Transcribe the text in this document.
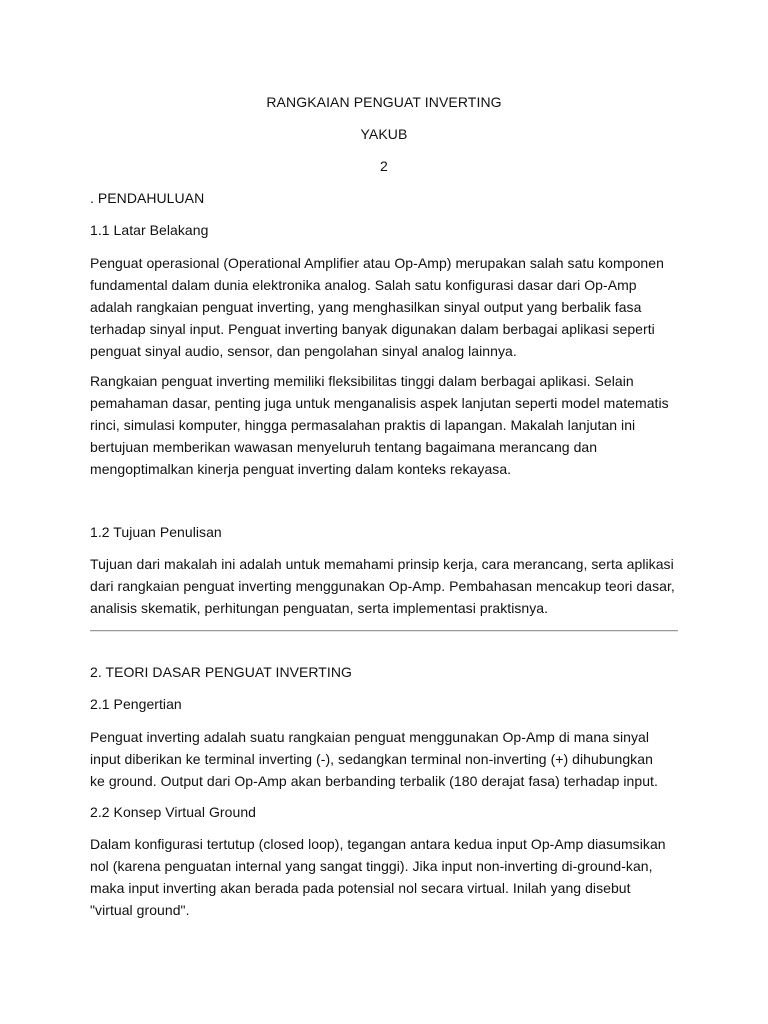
RANGKAIAN PENGUAT INVERTING
YAKUB
2
. PENDAHULUAN
1.1 Latar Belakang
Penguat operasional (Operational Amplifier atau Op-Amp) merupakan salah satu komponen
fundamental dalam dunia elektronika analog. Salah satu konfigurasi dasar dari Op-Amp
adalah rangkaian penguat inverting, yang menghasilkan sinyal output yang berbalik fasa
terhadap sinyal input. Penguat inverting banyak digunakan dalam berbagai aplikasi seperti
penguat sinyal audio, sensor, dan pengolahan sinyal analog lainnya.
Rangkaian penguat inverting memiliki fleksibilitas tinggi dalam berbagai aplikasi. Selain
pemahaman dasar, penting juga untuk menganalisis aspek lanjutan seperti model matematis
rinci, simulasi komputer, hingga permasalahan praktis di lapangan. Makalah lanjutan ini
bertujuan memberikan wawasan menyeluruh tentang bagaimana merancang dan
mengoptimalkan kinerja penguat inverting dalam konteks rekayasa.
1.2 Tujuan Penulisan
Tujuan dari makalah ini adalah untuk memahami prinsip kerja, cara merancang, serta aplikasi
dari rangkaian penguat inverting menggunakan Op-Amp. Pembahasan mencakup teori dasar,
analisis skematik, perhitungan penguatan, serta implementasi praktisnya.
2. TEORI DASAR PENGUAT INVERTING
2.1 Pengertian
Penguat inverting adalah suatu rangkaian penguat menggunakan Op-Amp di mana sinyal
input diberikan ke terminal inverting (-), sedangkan terminal non-inverting (+) dihubungkan
ke ground. Output dari Op-Amp akan berbanding terbalik (180 derajat fasa) terhadap input.
2.2 Konsep Virtual Ground
Dalam konfigurasi tertutup (closed loop), tegangan antara kedua input Op-Amp diasumsikan
nol (karena penguatan internal yang sangat tinggi). Jika input non-inverting di-ground-kan,
maka input inverting akan berada pada potensial nol secara virtual. Inilah yang disebut
"virtual ground".
